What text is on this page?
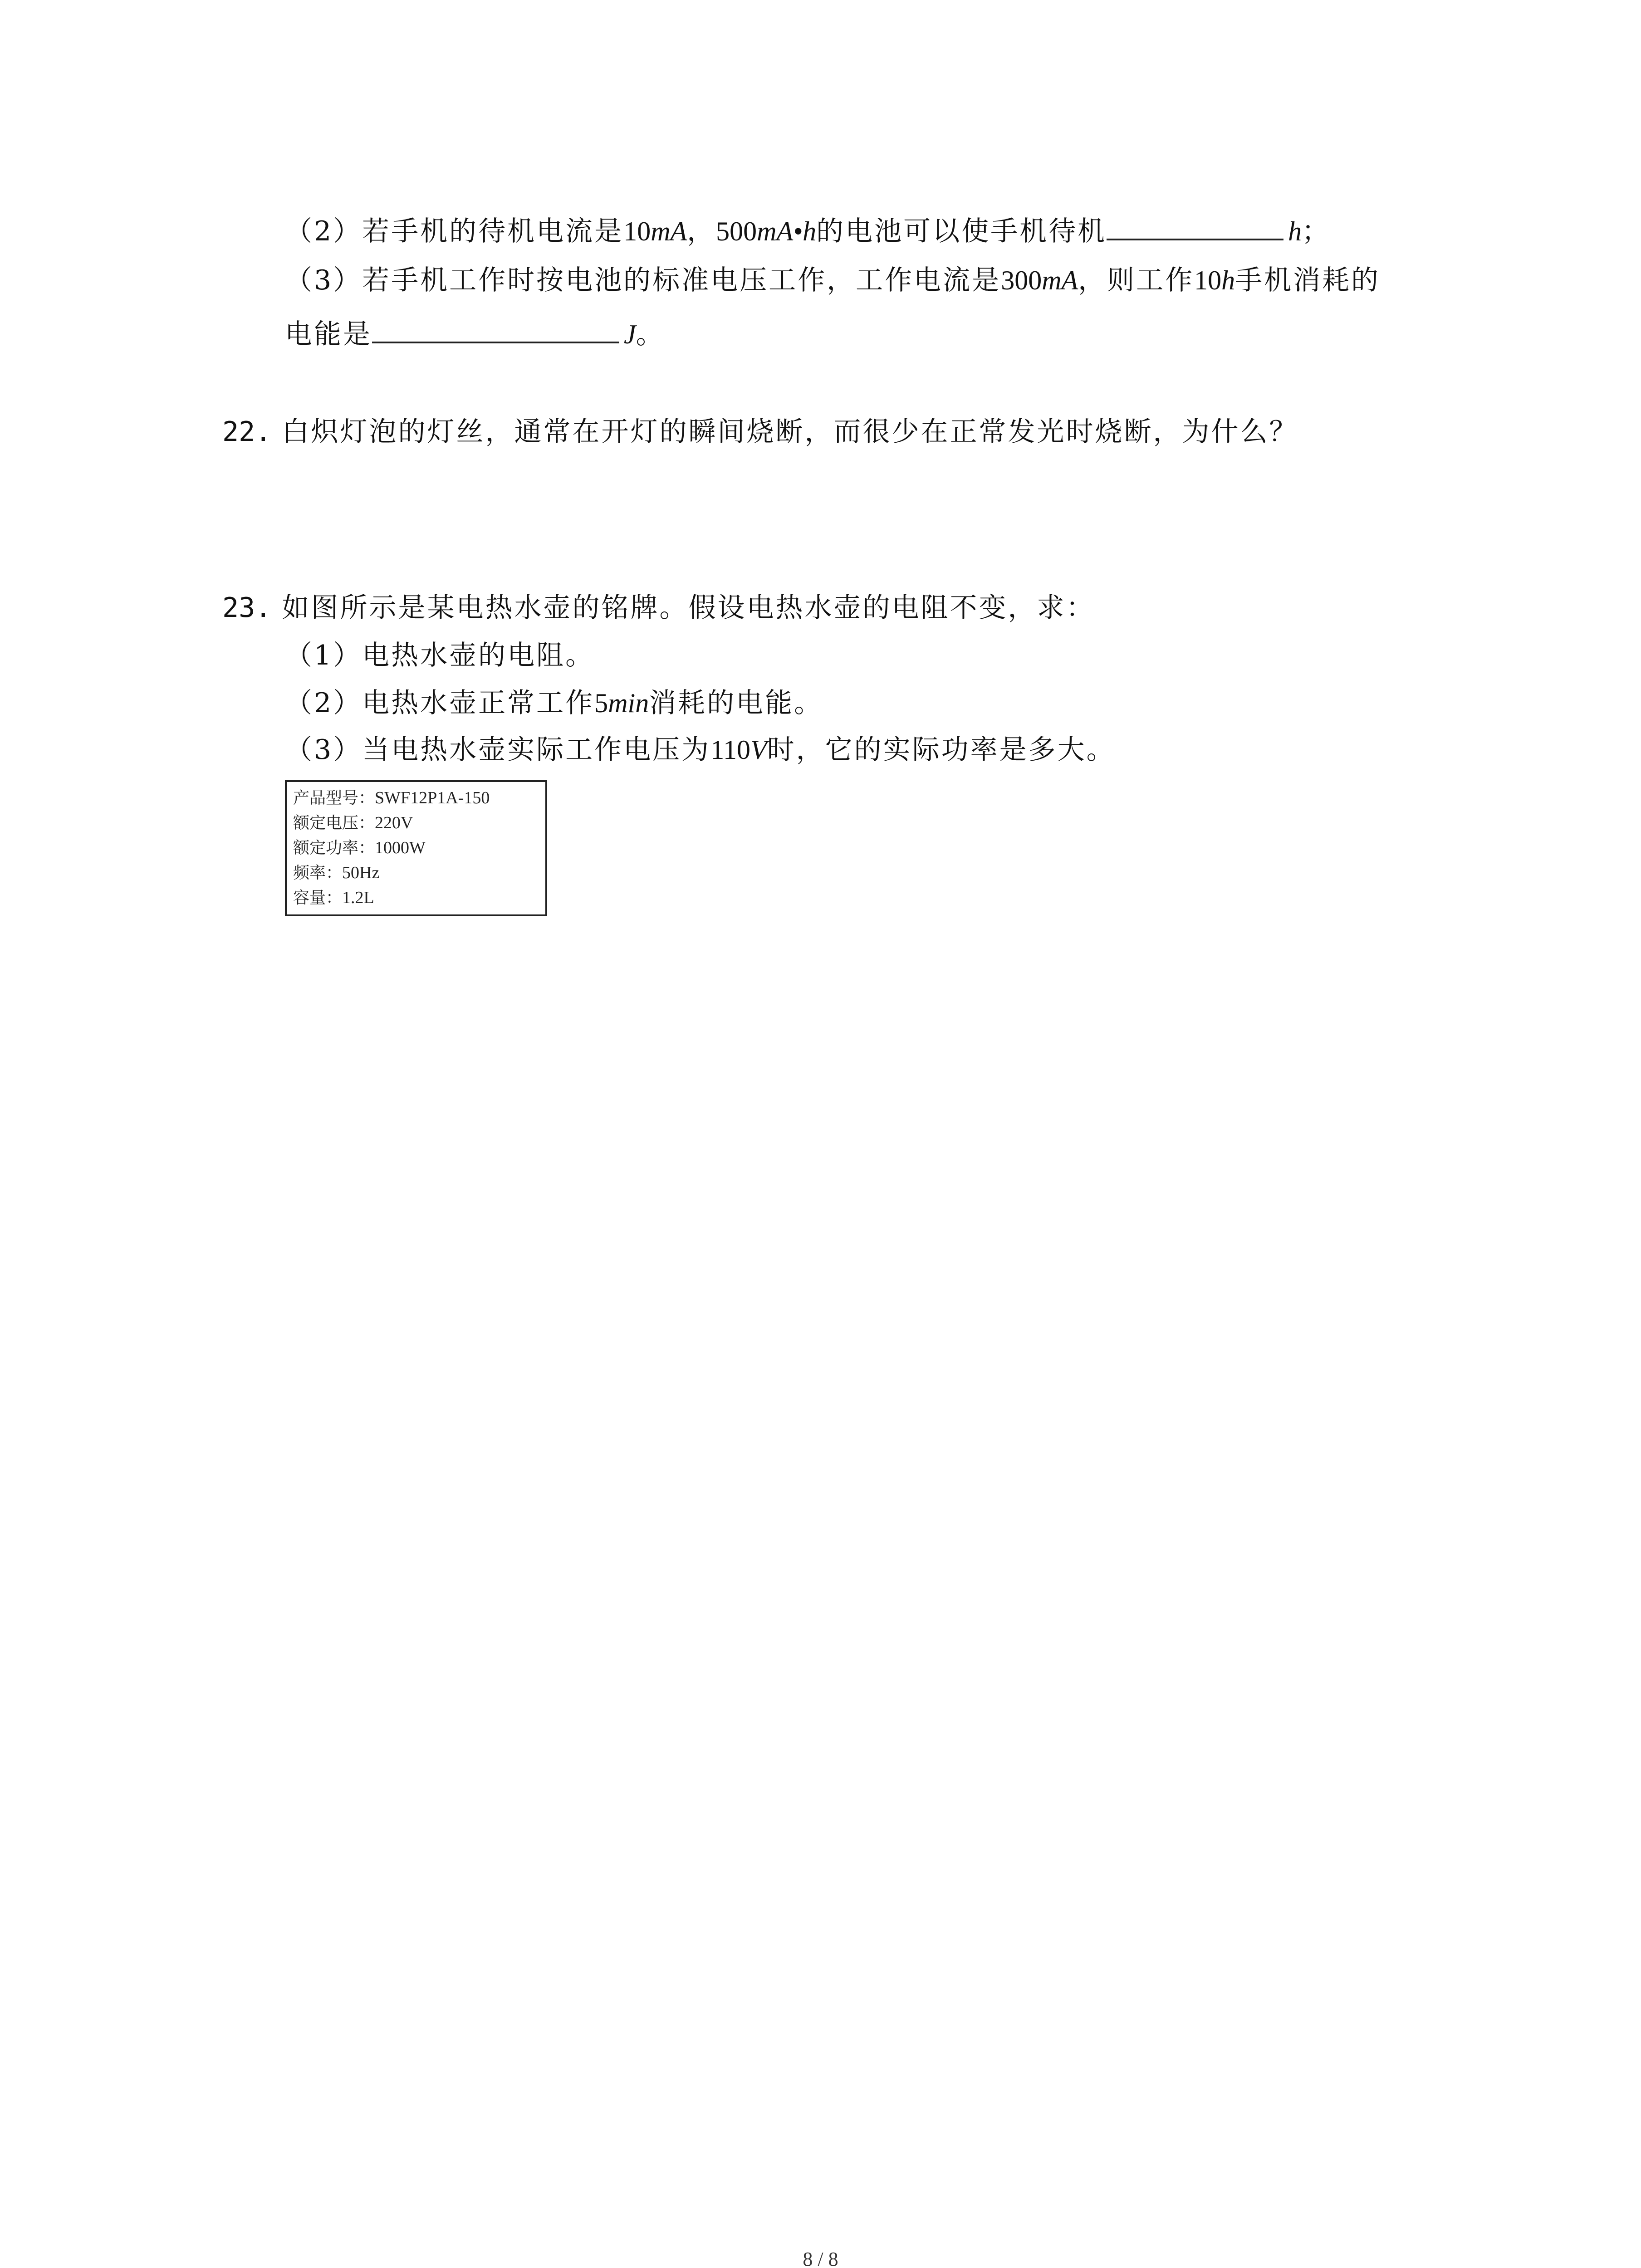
（2）若手机的待机电流是10mA，500mA•h的电池可以使手机待机	h；
（3）若手机工作时按电池的标准电压工作，工作电流是300mA，则工作10h手机消耗的
电能是	J。
22. 白炽灯泡的灯丝，通常在开灯的瞬间烧断，而很少在正常发光时烧断，为什么？
23. 如图所示是某电热水壶的铭牌。假设电热水壶的电阻不变，求：
（1）电热水壶的电阻。
（2）电热水壶正常工作5min消耗的电能。
（3）当电热水壶实际工作电压为110V时，它的实际功率是多大。
产品型号：SWF12P1A-150
额定电压：220V
额定功率：1000W
频率：50Hz
容量：1.2L
8 / 8
